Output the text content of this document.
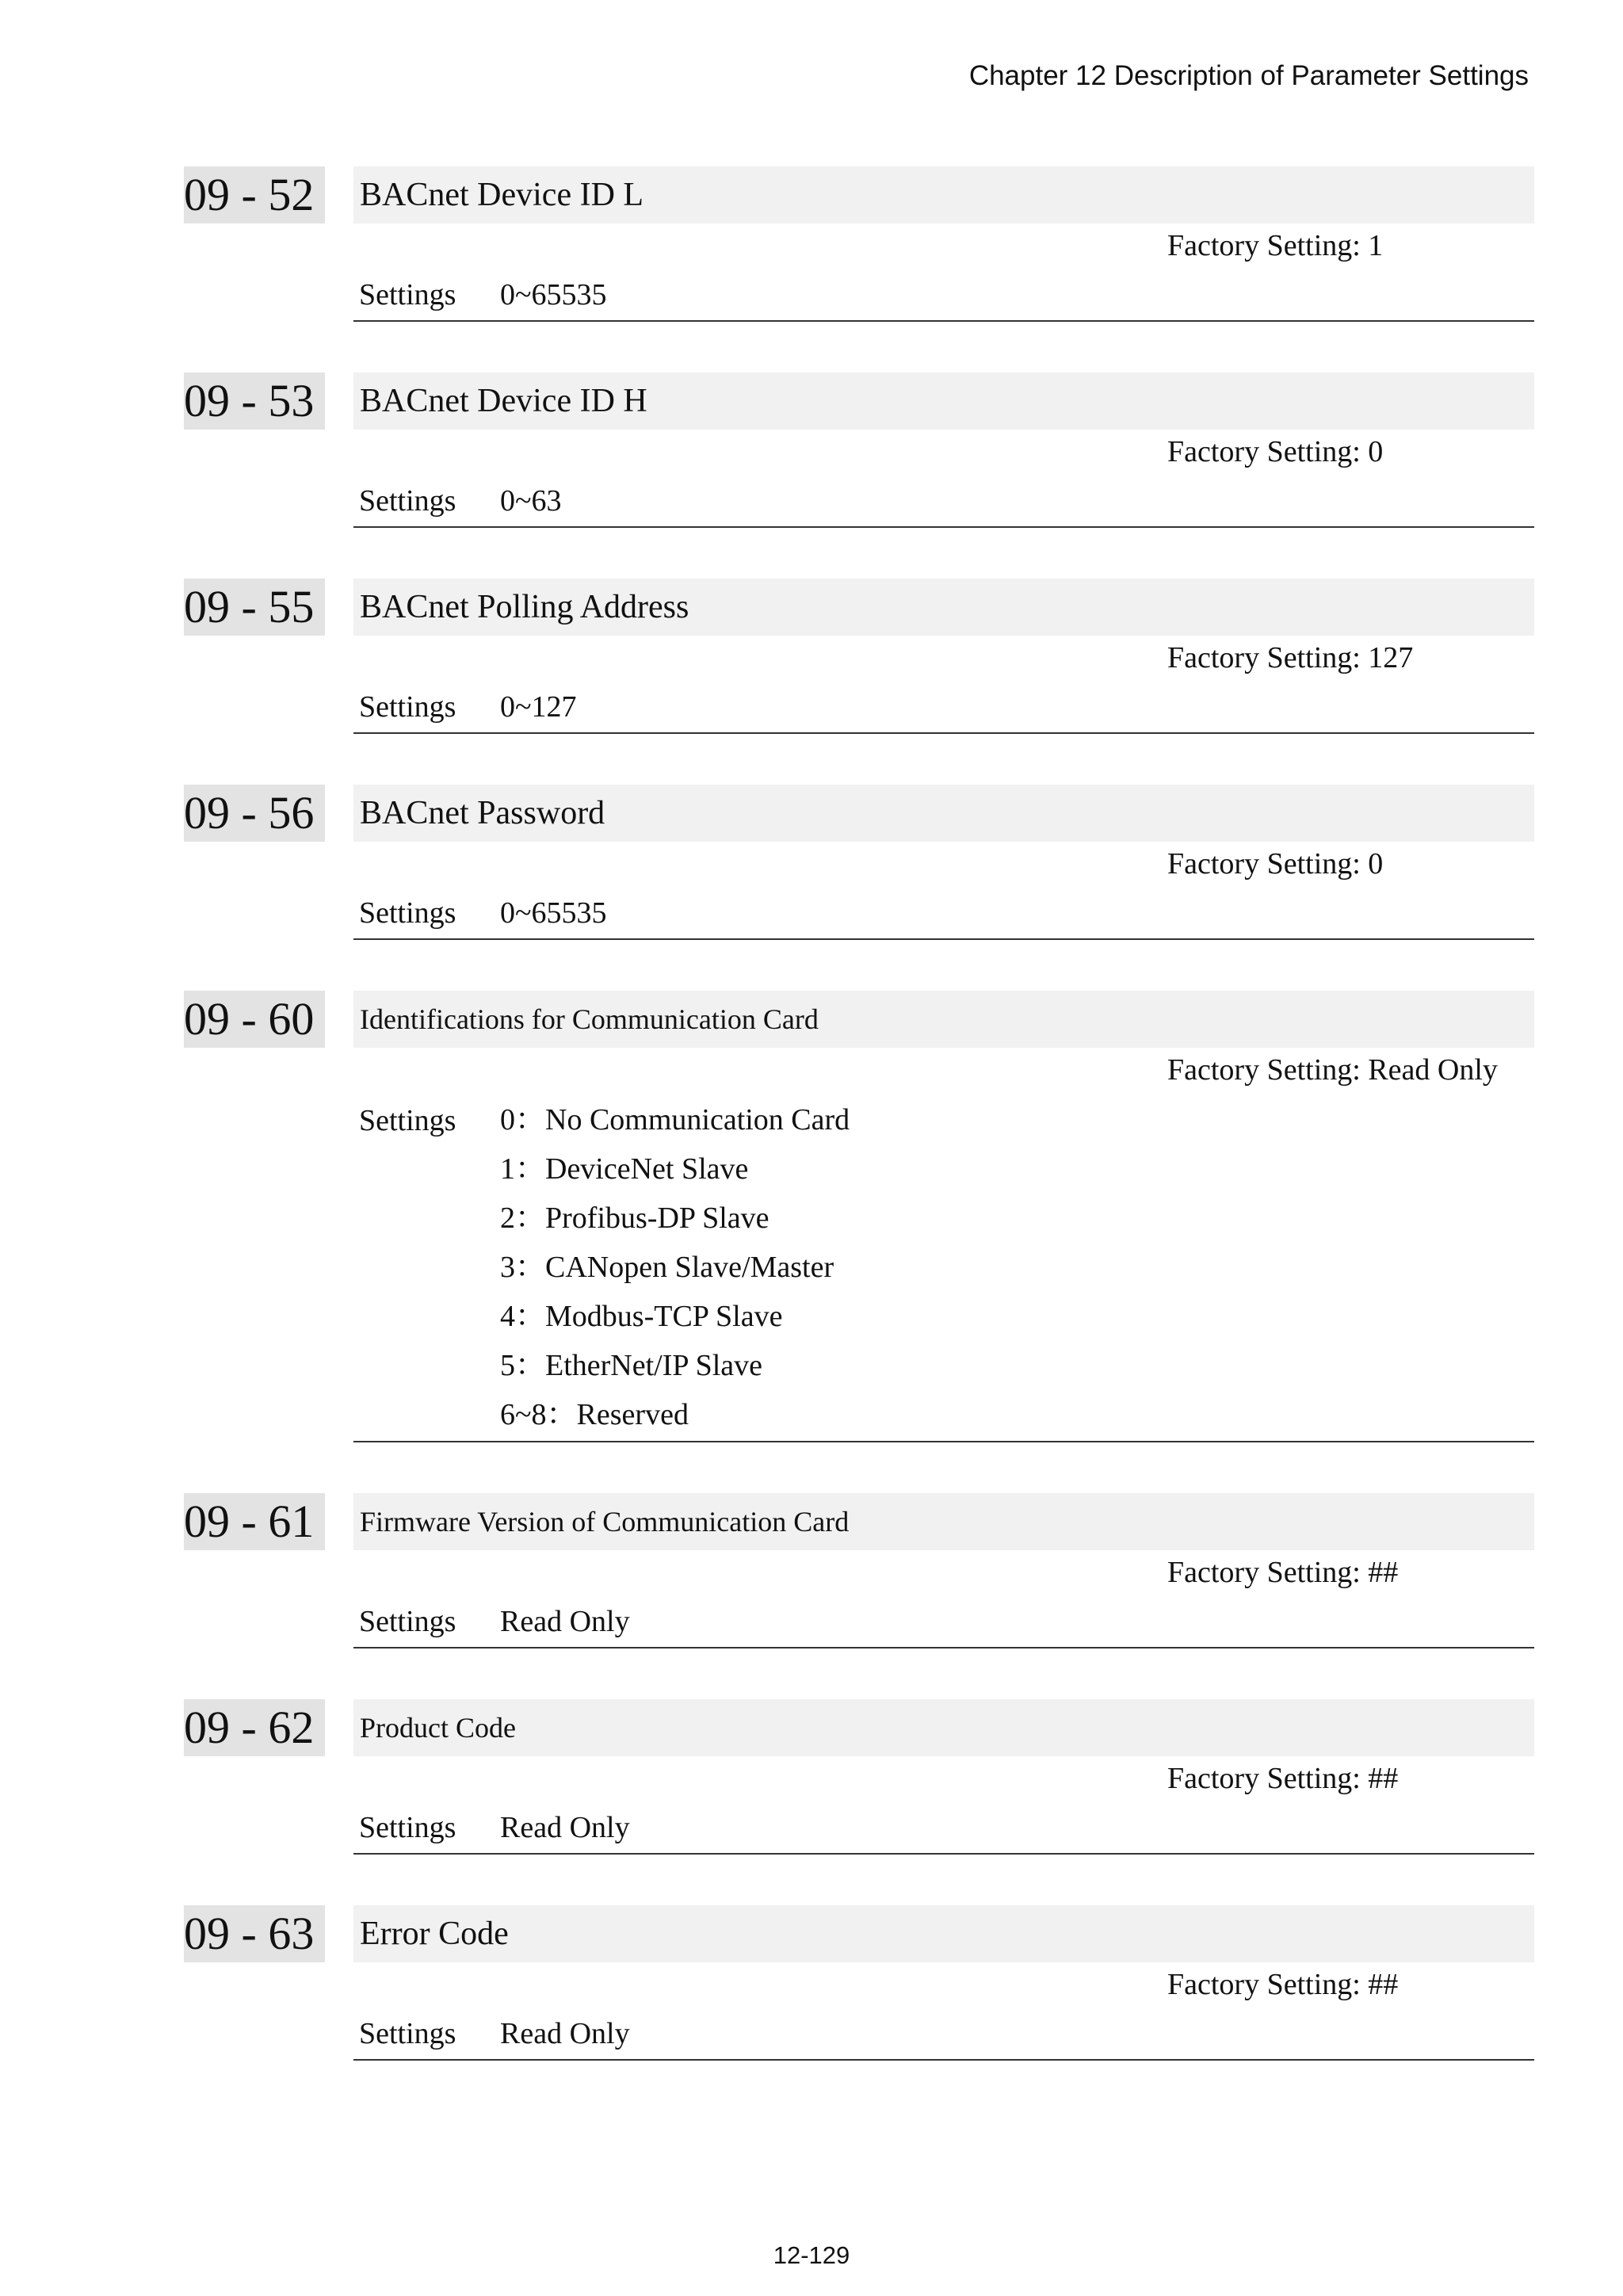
Chapter 12 Description of Parameter Settings
09 - 52	BACnet Device ID L
Factory Setting: 1
Settings 0~65535
09 - 53	BACnet Device ID H
Factory Setting: 0
Settings 0~63
09 - 55	BACnet Polling Address
Factory Setting: 127
Settings 0~127
09 - 56	BACnet Password
Factory Setting: 0
Settings 0~65535
09 - 60	Identifications for Communication Card
Factory Setting: Read Only
Settings 0：No Communication Card
1：DeviceNet Slave
2：Profibus-DP Slave
3：CANopen Slave/Master
4：Modbus-TCP Slave
5：EtherNet/IP Slave
6~8：Reserved
09 - 61	Firmware Version of Communication Card
Factory Setting: ##
Settings Read Only
09 - 62	Product Code
Factory Setting: ##
Settings Read Only
09 - 63	Error Code
Factory Setting: ##
Settings Read Only
12-129
